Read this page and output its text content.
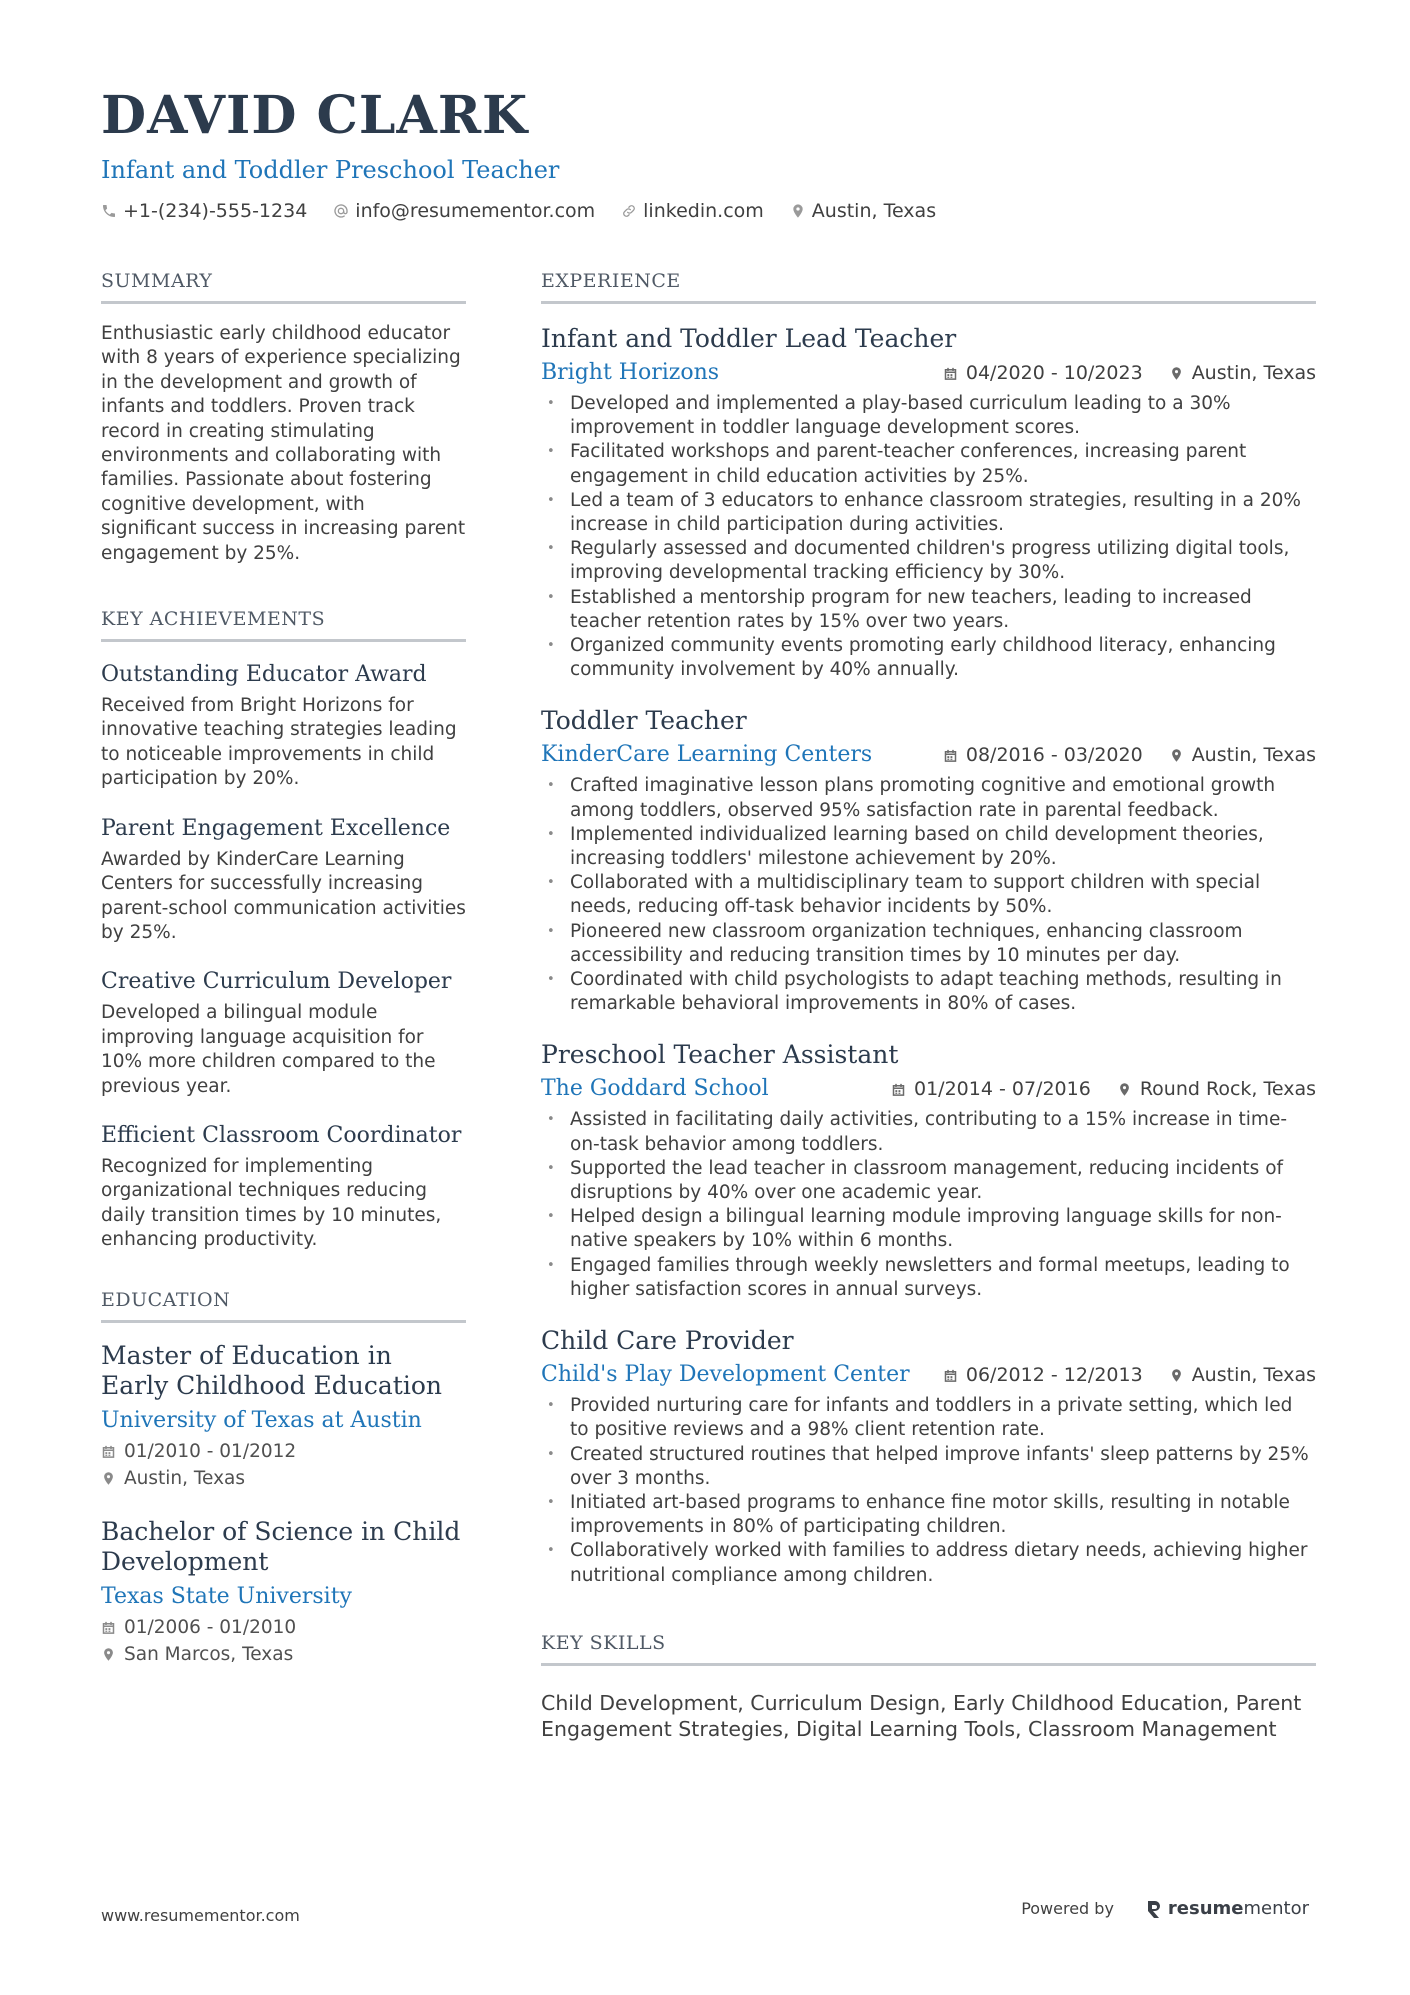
DAVID CLARK
Infant and Toddler Preschool Teacher
+1-(234)-555-1234	info@resumementor.com	linkedin.com	Austin, Texas
SUMMARY
Enthusiastic early childhood educator with 8 years of experience specializing in the development and growth of infants and toddlers. Proven track record in creating stimulating environments and collaborating with families. Passionate about fostering cognitive development, with significant success in increasing parent engagement by 25%.
KEY ACHIEVEMENTS
Outstanding Educator Award
Received from Bright Horizons for innovative teaching strategies leading to noticeable improvements in child participation by 20%.
Parent Engagement Excellence
Awarded by KinderCare Learning Centers for successfully increasing parent-school communication activities by 25%.
Creative Curriculum Developer
Developed a bilingual module improving language acquisition for 10% more children compared to the previous year.
Efficient Classroom Coordinator
Recognized for implementing organizational techniques reducing daily transition times by 10 minutes, enhancing productivity.
EDUCATION
Master of Education in Early Childhood Education
University of Texas at Austin
01/2010 - 01/2012
Austin, Texas
Bachelor of Science in Child Development
Texas State University
01/2006 - 01/2010
San Marcos, Texas
EXPERIENCE
Infant and Toddler Lead Teacher
Bright Horizons	04/2020 - 10/2023	Austin, Texas
• Developed and implemented a play-based curriculum leading to a 30% improvement in toddler language development scores.
• Facilitated workshops and parent-teacher conferences, increasing parent engagement in child education activities by 25%.
• Led a team of 3 educators to enhance classroom strategies, resulting in a 20% increase in child participation during activities.
• Regularly assessed and documented children's progress utilizing digital tools, improving developmental tracking efficiency by 30%.
• Established a mentorship program for new teachers, leading to increased teacher retention rates by 15% over two years.
• Organized community events promoting early childhood literacy, enhancing community involvement by 40% annually.
Toddler Teacher
KinderCare Learning Centers	08/2016 - 03/2020	Austin, Texas
• Crafted imaginative lesson plans promoting cognitive and emotional growth among toddlers, observed 95% satisfaction rate in parental feedback.
• Implemented individualized learning based on child development theories, increasing toddlers' milestone achievement by 20%.
• Collaborated with a multidisciplinary team to support children with special needs, reducing off-task behavior incidents by 50%.
• Pioneered new classroom organization techniques, enhancing classroom accessibility and reducing transition times by 10 minutes per day.
• Coordinated with child psychologists to adapt teaching methods, resulting in remarkable behavioral improvements in 80% of cases.
Preschool Teacher Assistant
The Goddard School	01/2014 - 07/2016	Round Rock, Texas
• Assisted in facilitating daily activities, contributing to a 15% increase in time-on-task behavior among toddlers.
• Supported the lead teacher in classroom management, reducing incidents of disruptions by 40% over one academic year.
• Helped design a bilingual learning module improving language skills for non-native speakers by 10% within 6 months.
• Engaged families through weekly newsletters and formal meetups, leading to higher satisfaction scores in annual surveys.
Child Care Provider
Child's Play Development Center	06/2012 - 12/2013	Austin, Texas
• Provided nurturing care for infants and toddlers in a private setting, which led to positive reviews and a 98% client retention rate.
• Created structured routines that helped improve infants' sleep patterns by 25% over 3 months.
• Initiated art-based programs to enhance fine motor skills, resulting in notable improvements in 80% of participating children.
• Collaboratively worked with families to address dietary needs, achieving higher nutritional compliance among children.
KEY SKILLS
Child Development, Curriculum Design, Early Childhood Education, Parent Engagement Strategies, Digital Learning Tools, Classroom Management
www.resumementor.com	Powered by	resumementor
